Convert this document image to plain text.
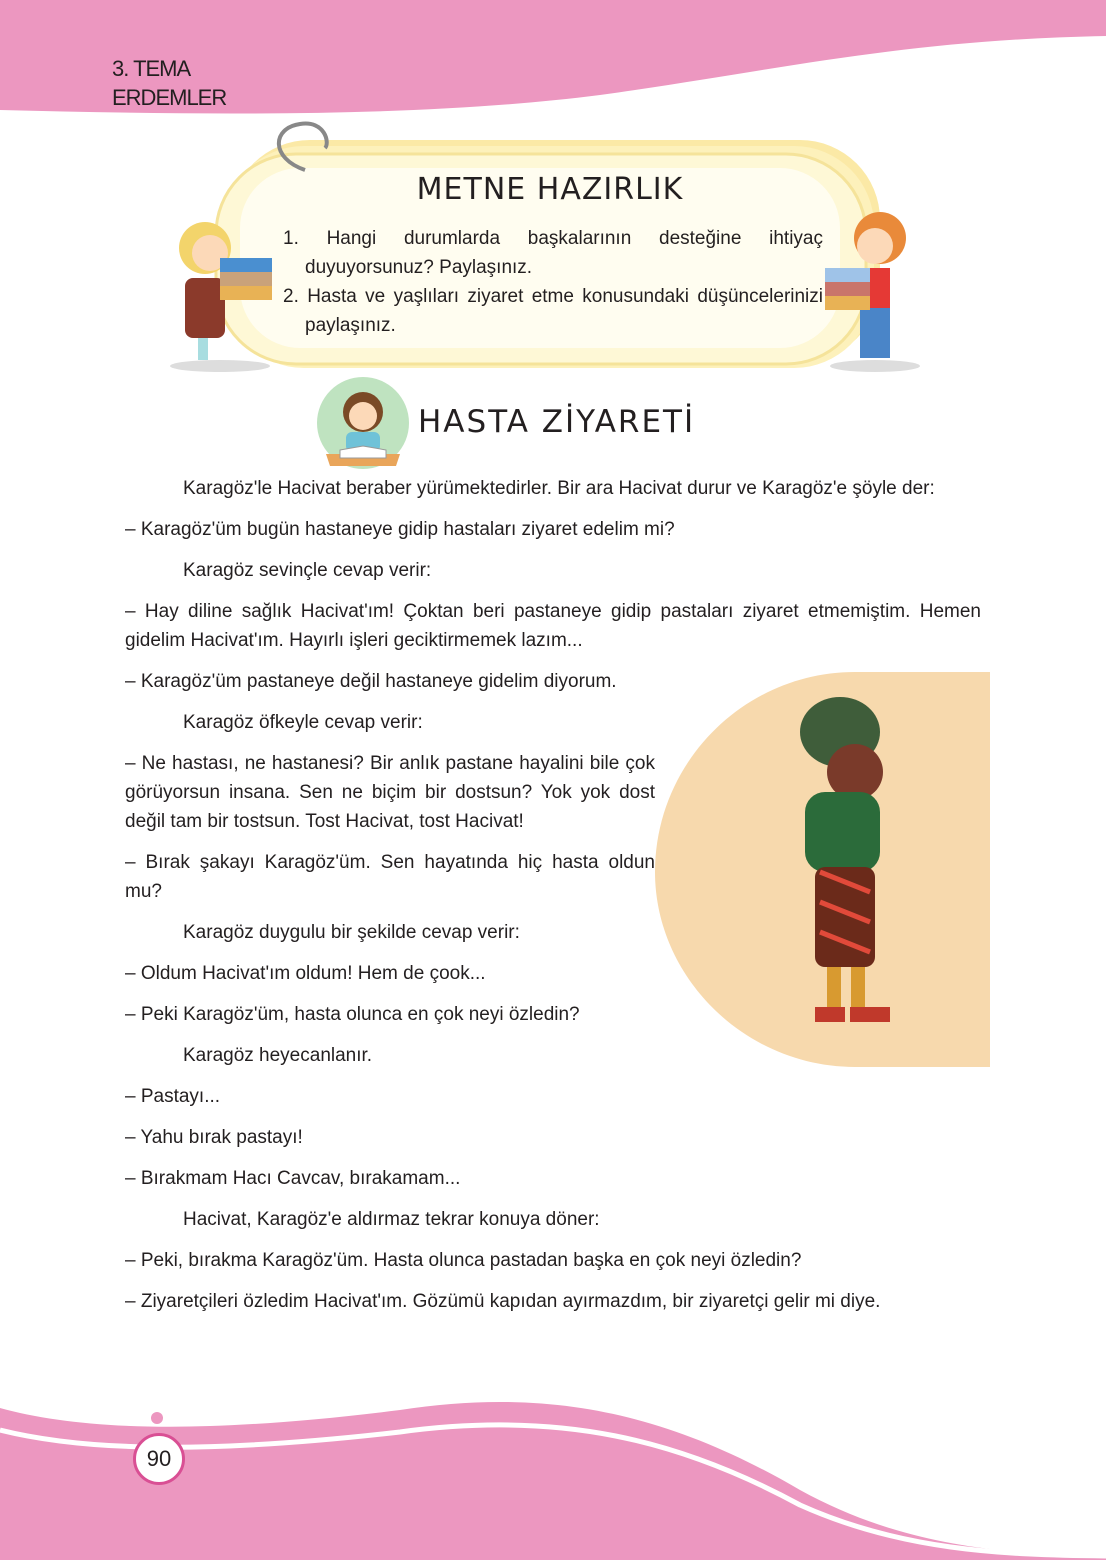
3. TEMA
ERDEMLER
METNE HAZIRLIK
1. Hangi durumlarda başkalarının desteğine ihtiyaç duyuyorsunuz? Paylaşınız.
2. Hasta ve yaşlıları ziyaret etme konusundaki düşüncelerinizi paylaşınız.
HASTA ZİYARETİ

Karagöz'le Hacivat beraber yürümektedirler. Bir ara Hacivat durur ve Karagöz'e şöyle der:

– Karagöz'üm bugün hastaneye gidip hastaları ziyaret edelim mi?

Karagöz sevinçle cevap verir:

– Hay diline sağlık Hacivat'ım! Çoktan beri pastaneye gidip pastaları ziyaret etmemiştim. Hemen gidelim Hacivat'ım. Hayırlı işleri geciktirmemek lazım...

– Karagöz'üm pastaneye değil hastaneye gidelim diyorum.

Karagöz öfkeyle cevap verir:

– Ne hastası, ne hastanesi? Bir anlık pastane hayalini bile çok görüyorsun insana. Sen ne biçim bir dostsun? Yok yok dost değil tam bir tostsun. Tost Hacivat, tost Hacivat!

– Bırak şakayı Karagöz'üm. Sen hayatında hiç hasta oldun mu?

Karagöz duygulu bir şekilde cevap verir:

– Oldum Hacivat'ım oldum! Hem de çook...

– Peki Karagöz'üm, hasta olunca en çok neyi özledin?

Karagöz heyecanlanır.

– Pastayı...

– Yahu bırak pastayı!

– Bırakmam Hacı Cavcav, bırakamam...

Hacivat, Karagöz'e aldırmaz tekrar konuya döner:

– Peki, bırakma Karagöz'üm. Hasta olunca pastadan başka en çok neyi özledin?

– Ziyaretçileri özledim Hacivat'ım. Gözümü kapıdan ayırmazdım, bir ziyaretçi gelir mi diye.

90
